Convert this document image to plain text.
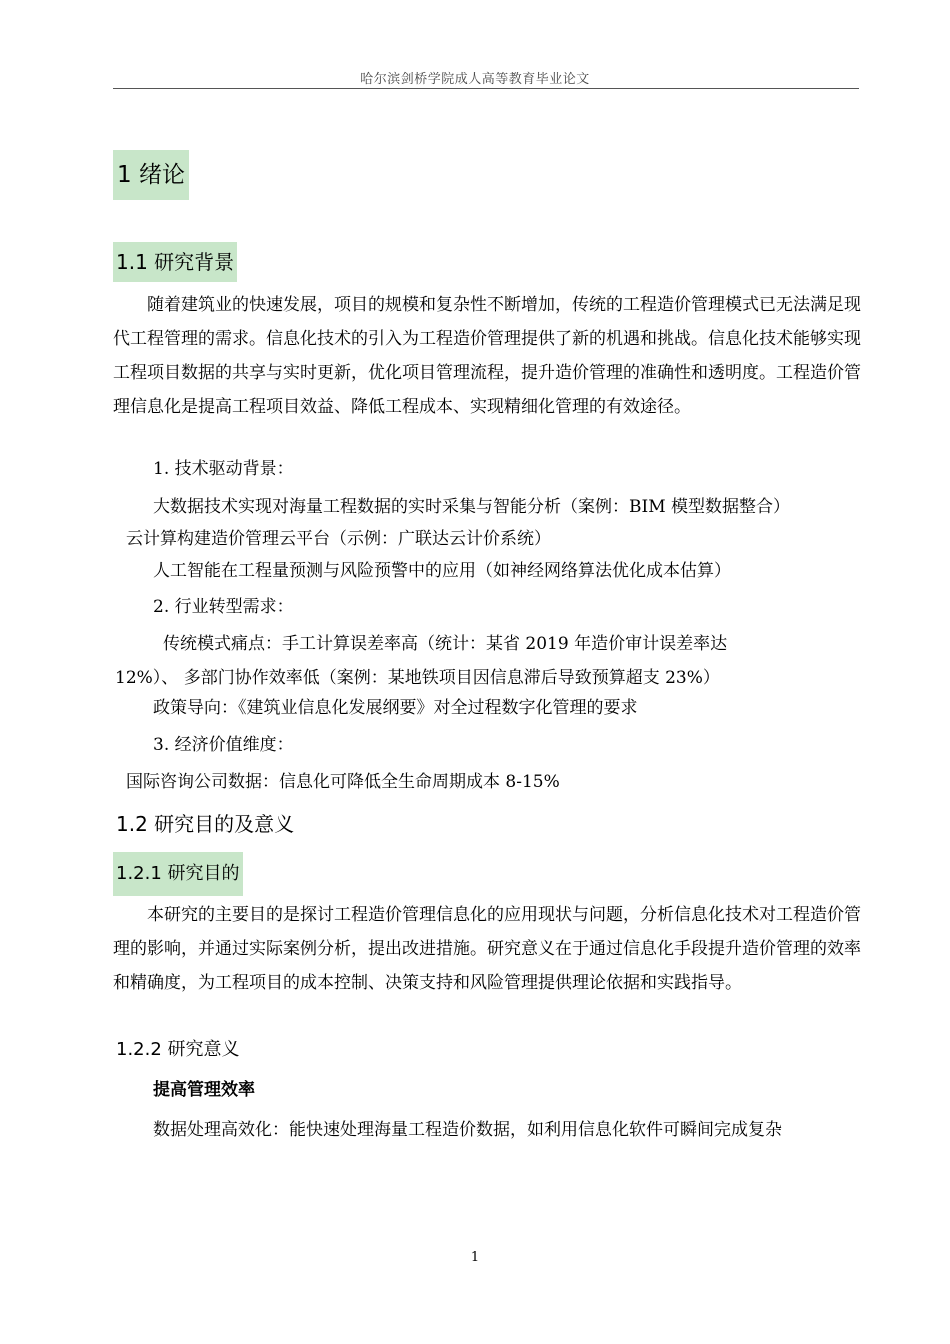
哈尔滨剑桥学院成人高等教育毕业论文
1 绪论
1.1 研究背景
随着建筑业的快速发展，项目的规模和复杂性不断增加，传统的工程造价管理模式已无法满足现代工程管理的需求。信息化技术的引入为工程造价管理提供了新的机遇和挑战。信息化技术能够实现工程项目数据的共享与实时更新，优化项目管理流程，提升造价管理的准确性和透明度。工程造价管理信息化是提高工程项目效益、降低工程成本、实现精细化管理的有效途径。
1. 技术驱动背景：
大数据技术实现对海量工程数据的实时采集与智能分析（案例：BIM 模型数据整合）
云计算构建造价管理云平台（示例：广联达云计价系统）
人工智能在工程量预测与风险预警中的应用（如神经网络算法优化成本估算）
2. 行业转型需求：
传统模式痛点：手工计算误差率高（统计：某省 2019 年造价审计误差率达
12%）、 多部门协作效率低（案例：某地铁项目因信息滞后导致预算超支 23%）
政策导向：《建筑业信息化发展纲要》对全过程数字化管理的要求
3. 经济价值维度：
国际咨询公司数据：信息化可降低全生命周期成本 8-15%
1.2 研究目的及意义
1.2.1 研究目的
本研究的主要目的是探讨工程造价管理信息化的应用现状与问题，分析信息化技术对工程造价管理的影响，并通过实际案例分析，提出改进措施。研究意义在于通过信息化手段提升造价管理的效率和精确度，为工程项目的成本控制、决策支持和风险管理提供理论依据和实践指导。
1.2.2 研究意义
提高管理效率
数据处理高效化：能快速处理海量工程造价数据，如利用信息化软件可瞬间完成复杂
1
